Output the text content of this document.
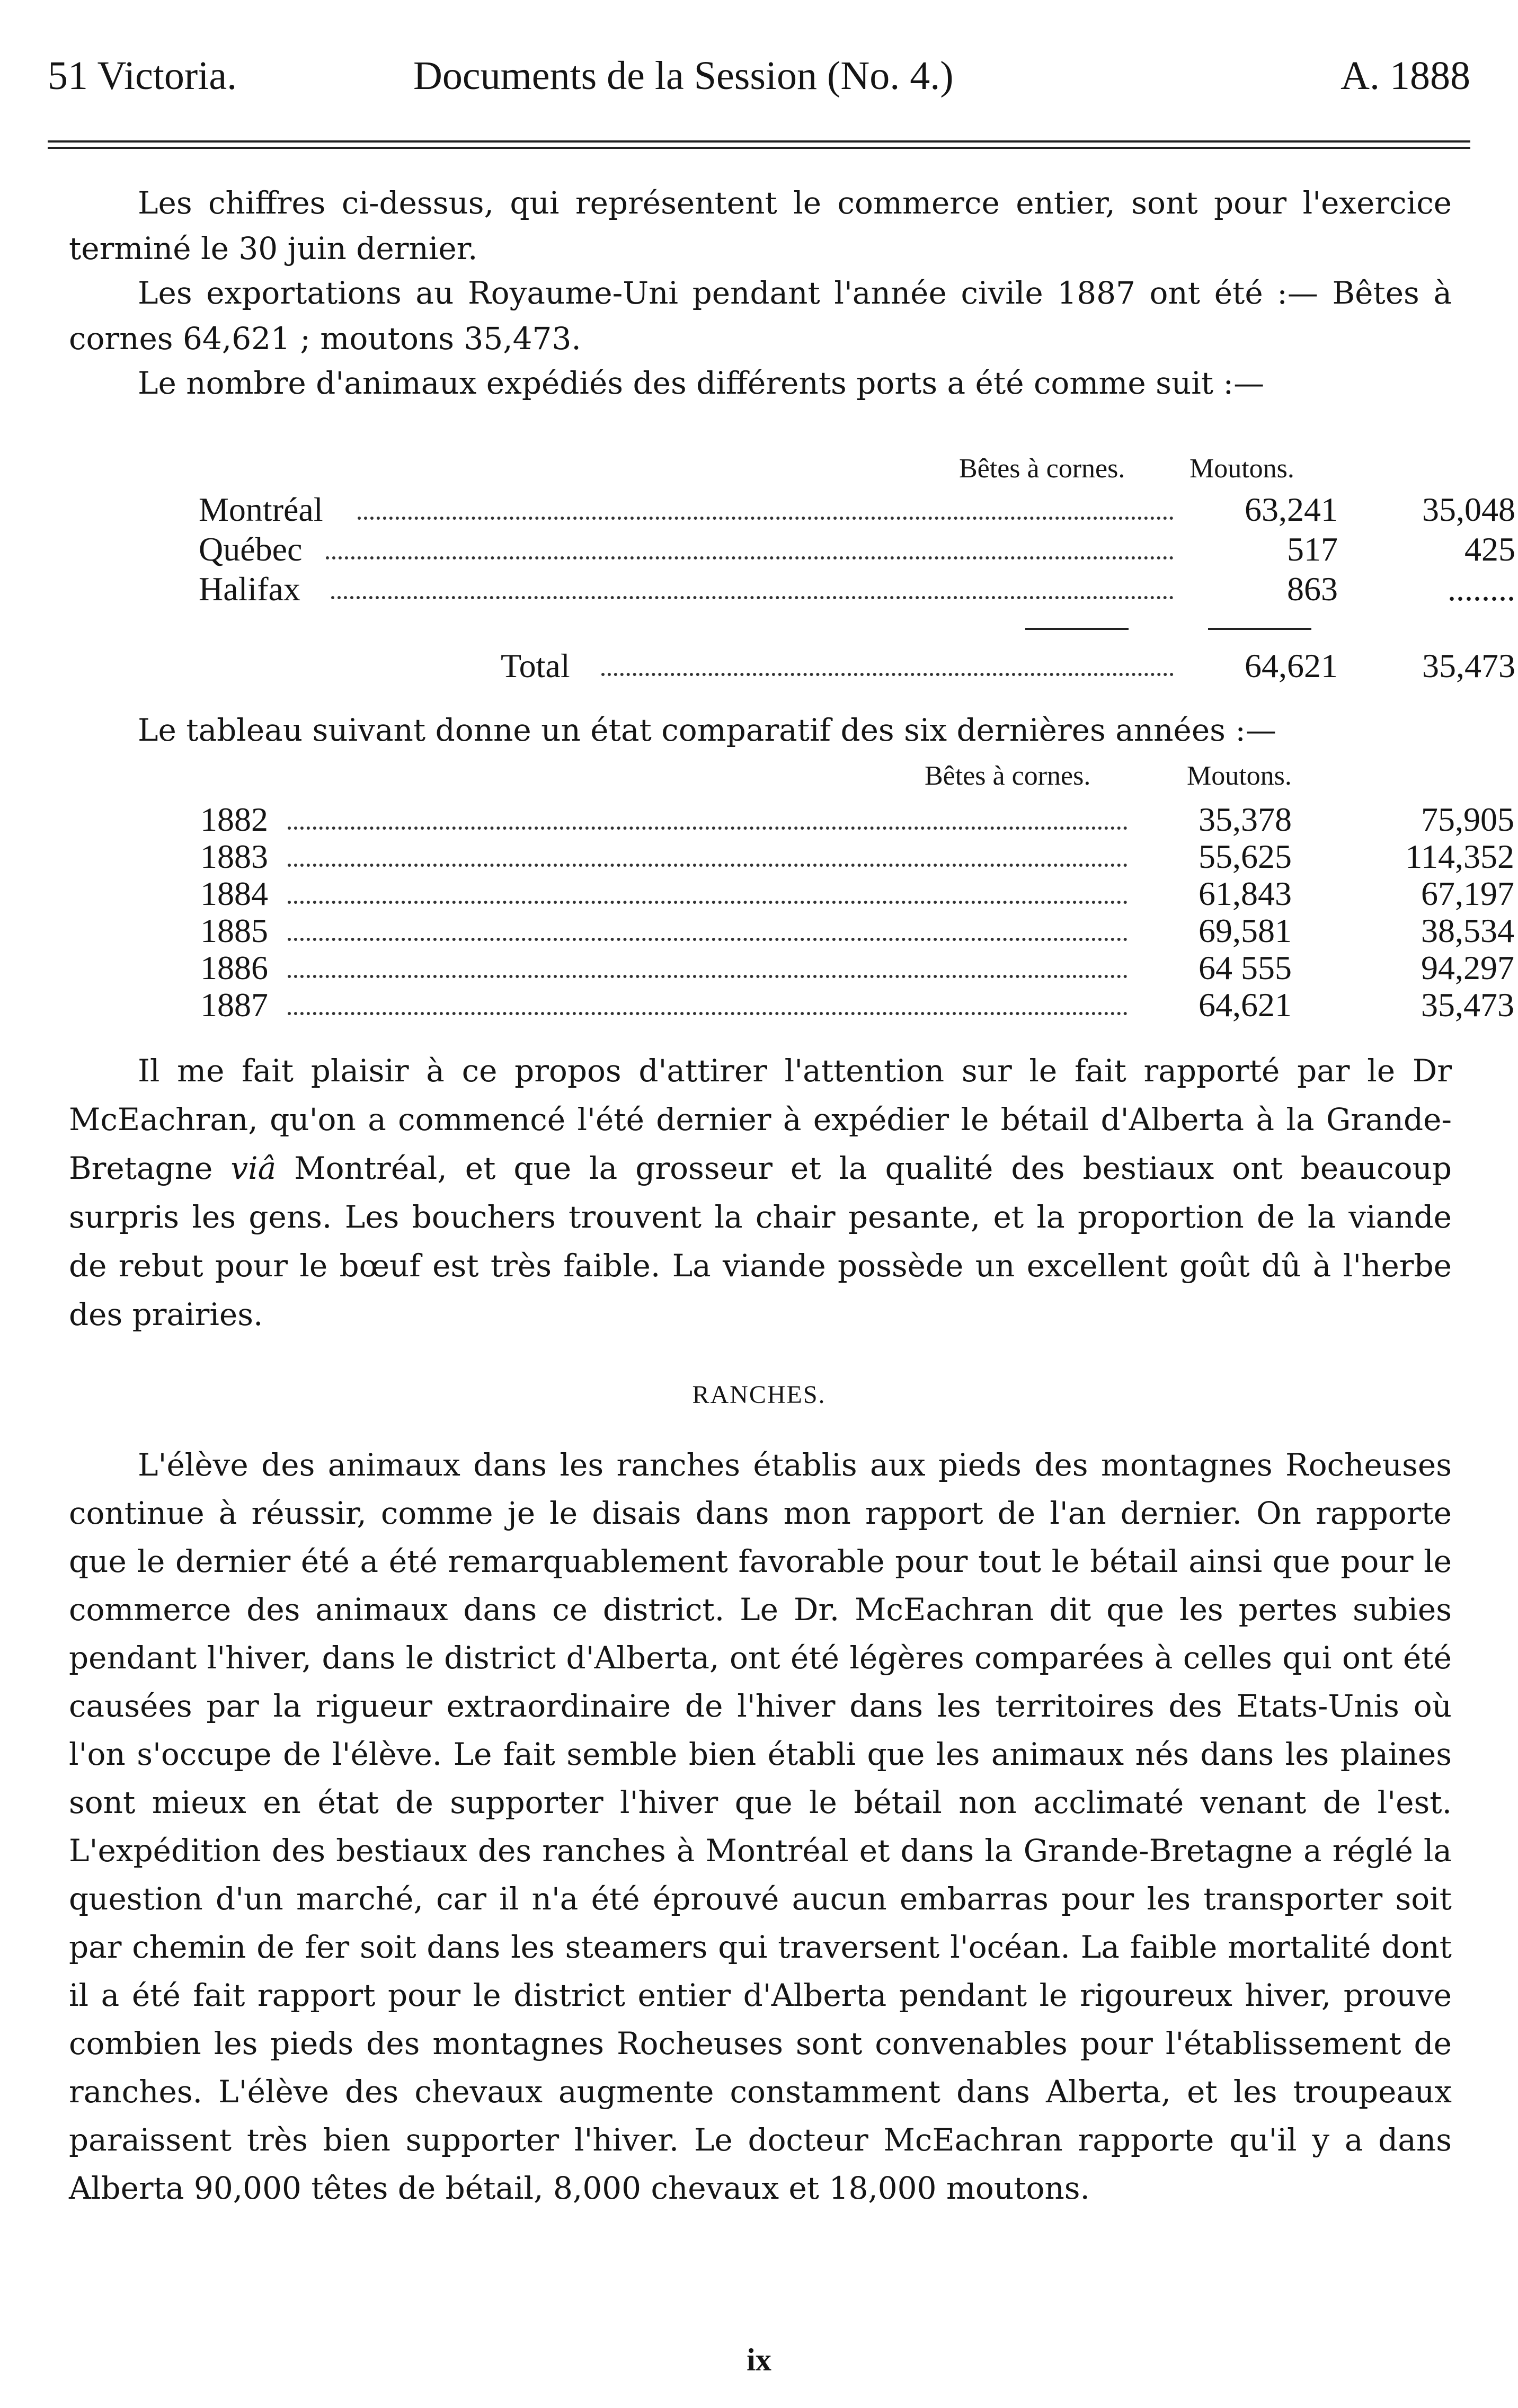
51 Victoria.	Documents de la Session (No. 4.)	A. 1888
Les chiffres ci-dessus, qui représentent le commerce entier, sont pour l'exercice terminé le 30 juin dernier.
Les exportations au Royaume-Uni pendant l'année civile 1887 ont été :— Bêtes à cornes 64,621 ; moutons 35,473.
Le nombre d'animaux expédiés des différents ports a été comme suit :—
Bêtes à cornes. Moutons.
Montréal	63,241	35,048
Québec	517	425
Halifax	863	........
Total	64,621	35,473
Le tableau suivant donne un état comparatif des six dernières années :—
Bêtes à cornes.	Moutons.
1882	35,378	75,905
1883	55,625	114,352
1884	61,843	67,197
1885	69,581	38,534
1886	64 555	94,297
1887	64,621	35,473
Il me fait plaisir à ce propos d'attirer l'attention sur le fait rapporté par le Dr McEachran, qu'on a commencé l'été dernier à expédier le bétail d'Alberta à la Grande-Bretagne viâ Montréal, et que la grosseur et la qualité des bestiaux ont beaucoup surpris les gens. Les bouchers trouvent la chair pesante, et la proportion de la viande de rebut pour le bœuf est très faible. La viande possède un excellent goût dû à l'herbe des prairies.
RANCHES.
L'élève des animaux dans les ranches établis aux pieds des montagnes Rocheuses continue à réussir, comme je le disais dans mon rapport de l'an dernier. On rapporte que le dernier été a été remarquablement favorable pour tout le bétail ainsi que pour le commerce des animaux dans ce district. Le Dr. McEachran dit que les pertes subies pendant l'hiver, dans le district d'Alberta, ont été légères comparées à celles qui ont été causées par la rigueur extraordinaire de l'hiver dans les territoires des Etats-Unis où l'on s'occupe de l'élève. Le fait semble bien établi que les animaux nés dans les plaines sont mieux en état de supporter l'hiver que le bétail non acclimaté venant de l'est. L'expédition des bestiaux des ranches à Montréal et dans la Grande-Bretagne a réglé la question d'un marché, car il n'a été éprouvé aucun embarras pour les transporter soit par chemin de fer soit dans les steamers qui traversent l'océan. La faible mortalité dont il a été fait rapport pour le district entier d'Alberta pendant le rigoureux hiver, prouve combien les pieds des montagnes Rocheuses sont convenables pour l'établissement de ranches. L'élève des chevaux augmente constamment dans Alberta, et les troupeaux paraissent très bien supporter l'hiver. Le docteur McEachran rapporte qu'il y a dans Alberta 90,000 têtes de bétail, 8,000 chevaux et 18,000 moutons.
ix
